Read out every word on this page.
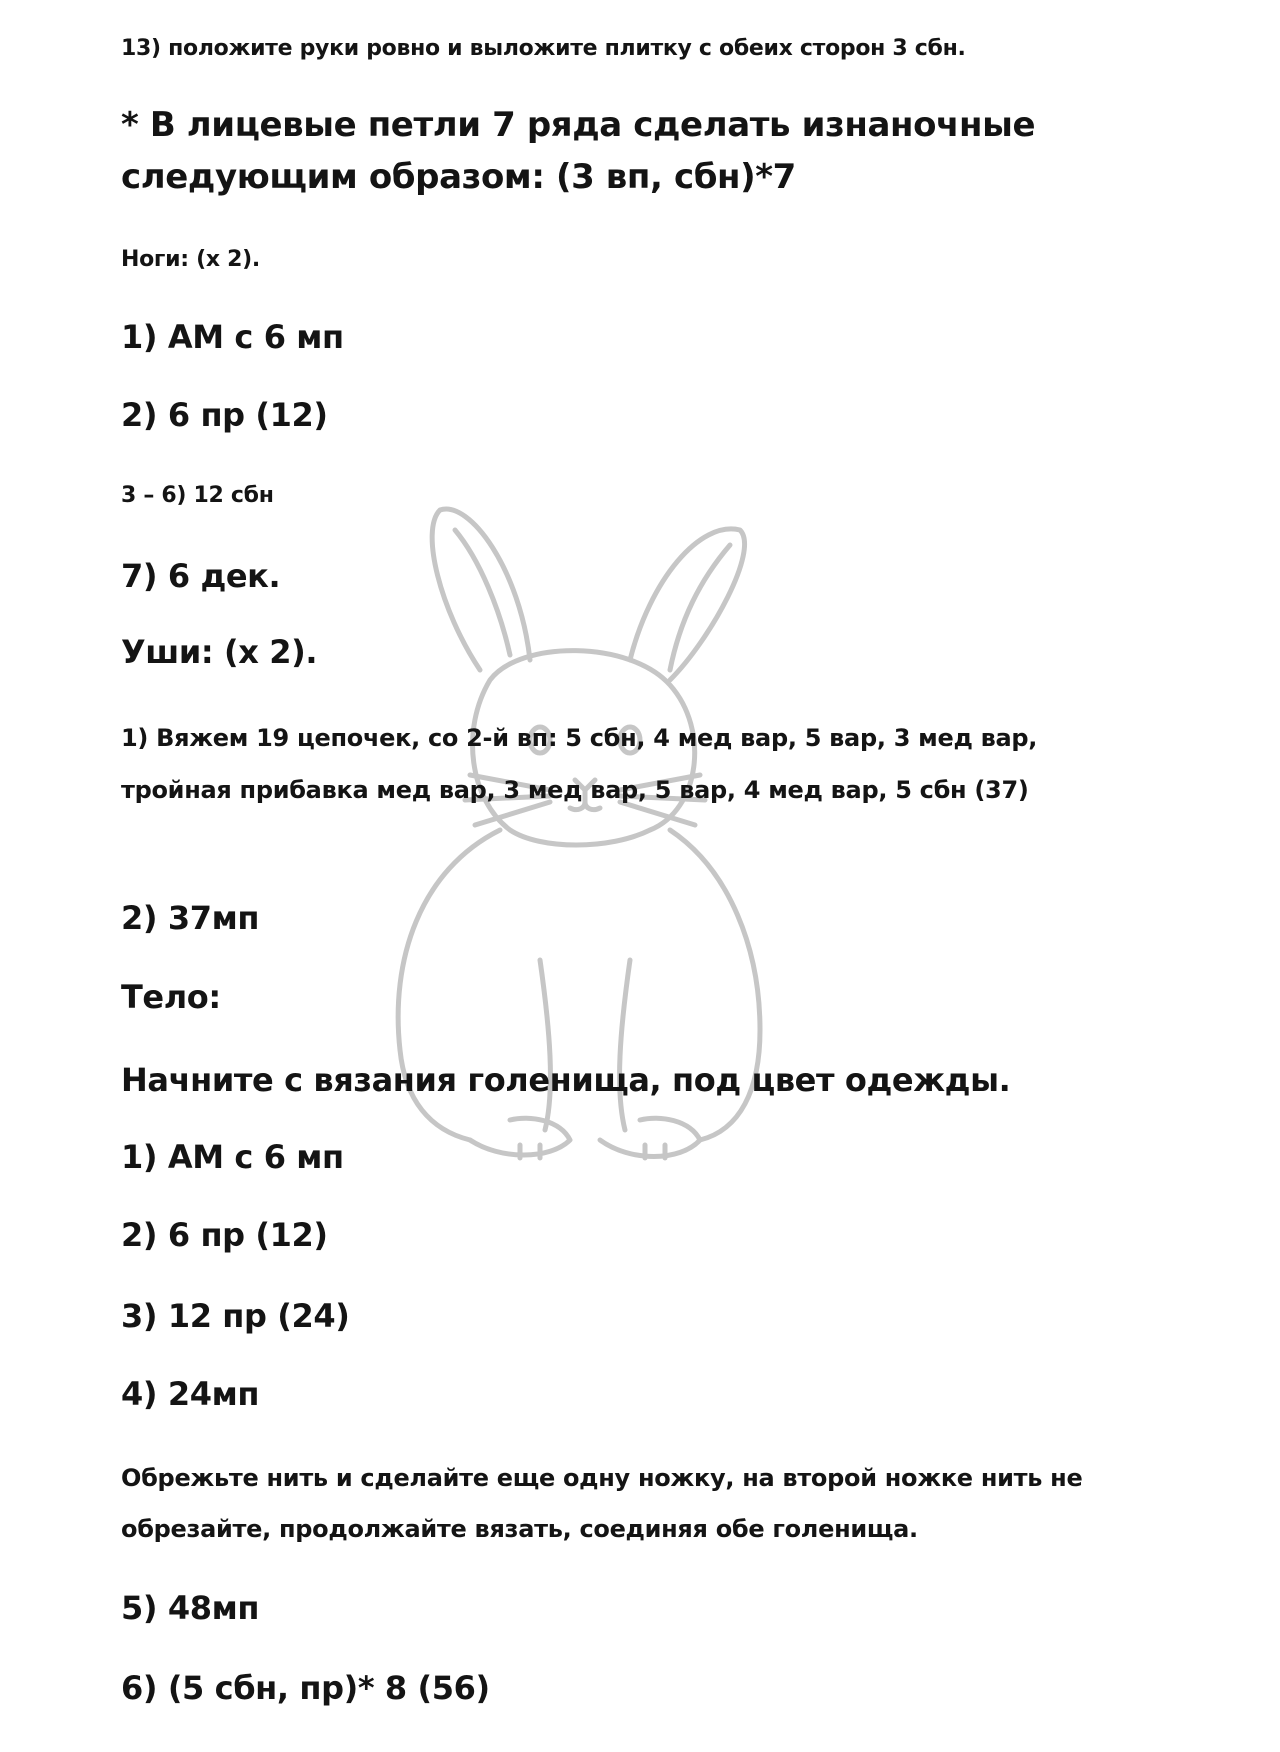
13) положите руки ровно и выложите плитку с обеих сторон 3 сбн.
* В лицевые петли 7 ряда сделать изнаночные
следующим образом: (3 вп, сбн)*7
Ноги: (х 2).
1) АМ с 6 мп
2) 6 пр (12)
3 – 6) 12 сбн
7) 6 дек.
Уши: (х 2).
1) Вяжем 19 цепочек, со 2-й вп: 5 сбн, 4 мед вар, 5 вар, 3 мед вар,
тройная прибавка мед вар, 3 мед вар, 5 вар, 4 мед вар, 5 сбн (37)
2) 37мп
Тело:
Начните с вязания голенища, под цвет одежды.
1) АМ с 6 мп
2) 6 пр (12)
3) 12 пр (24)
4) 24мп
Обрежьте нить и сделайте еще одну ножку, на второй ножке нить не
обрезайте, продолжайте вязать, соединяя обе голенища.
5) 48мп
6) (5 сбн, пр)* 8 (56)
